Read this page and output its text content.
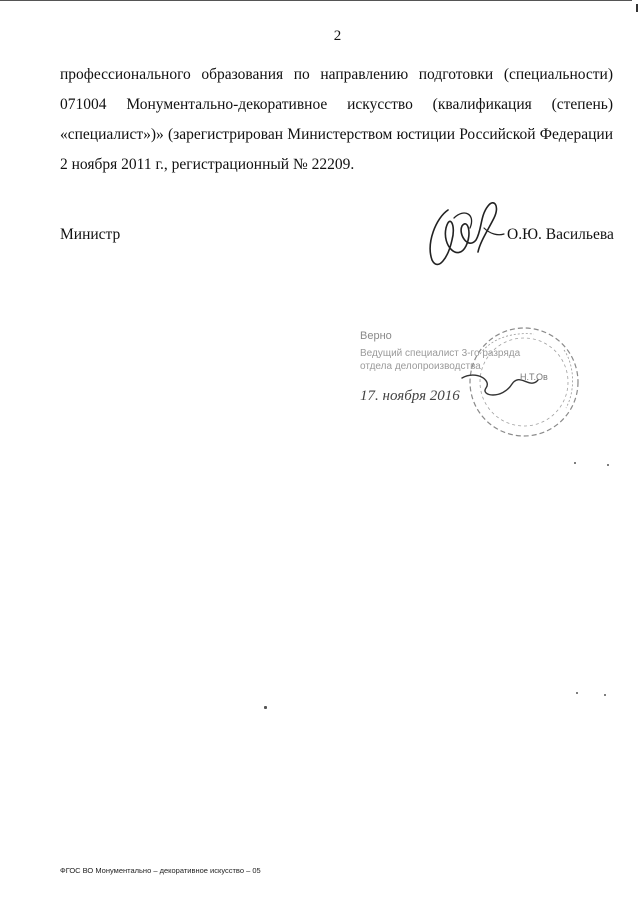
2
профессионального образования по направлению подготовки (специальности)
071004 Монументально-декоративное искусство (квалификация (степень)
«специалист»)» (зарегистрирован Министерством юстиции Российской Федерации
2 ноября 2011 г., регистрационный № 22209.
Министр	О.Ю. Васильева
Верно
Ведущий специалист 3-го разряда
отдела делопроизводства
Н.Т.Ов
17. ноября 2016
ФГОС ВО Монументально – декоративное искусство – 05
